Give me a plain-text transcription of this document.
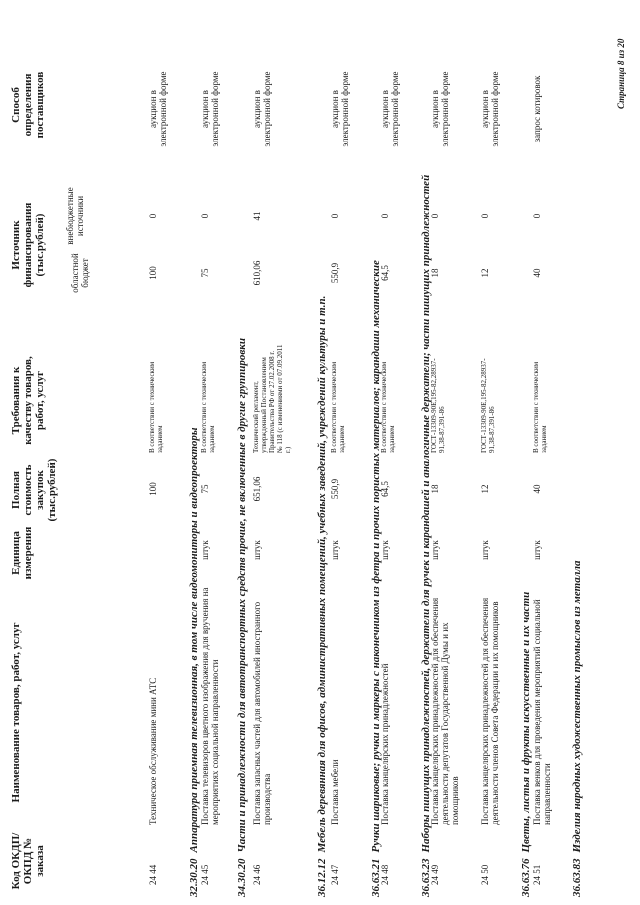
Код ОКДП/ ОКПД № заказа
Наименование товаров, работ, услуг
Единица измерения
Полная стоимость закупок (тыс.рублей)
Требования к качеству товаров, работ, услуг
Источник финансирования (тыс.рублей)	областной бюджет
внебюджетные источники
Способ определения поставщиков
24 44
Техническое обслуживание мини АТС
100
В соответствии с техническим заданием
100
0
аукцион в электронной форме
32.30.20Аппаратура приемная телевизионная, в том числе видеомониторы и видеопроекторы
24 45
Поставка телевизоров цветного изображения для вручения на мероприятиях социальной направленности
штук
75
В соответствии с техническим заданием
75
0
аукцион в электронной форме
34.30.20Части и принадлежности для автотранспортных средств прочие, не включенные в другие группировки
24 46
Поставка запасных частей для автомобилей иностранного производства
штук
651,06
Технический регламент, утвержденный Постановлением Правительства РФ от 27.02.2008 г. № 118 (с изменениями от 07.09.2011 г.)
610,06
41
аукцион в электронной форме
36.12.12Мебель деревянная для офисов, административных помещений, учебных заведений, учреждений культуры и т.п.
24 47
Поставка мебели
штук
550,9
В соответствии с техническим заданием
550,9
0
аукцион в электронной форме
36.63.21Ручки шариковые; ручки и маркеры с наконечником из фетра и прочих пористых материалов; карандаши механические
24 48
Поставка канцелярских принадлежностей
штук
64,5
В соответствии с техническим заданием
64,5
0
аукцион в электронной форме
36.63.23Наборы пишущих принадлежностей, держатели для ручек и карандашей и аналогичные держатели; части пишущих принадлежностей
24 49
Поставка канцелярских принадлежностей для обеспечения деятельности депутатов Государственной Думы и их помощников
штук
18
ГОСТ-13309-90Е,195-82,28937-91,38-87,391-86
18
0
аукцион в электронной форме
24 50
Поставка канцелярских принадлежностей для обеспечения деятельности членов Совета Федерации и их помощников
штук
12
ГОСТ-13309-90Е,195-82,28937-91,38-87,391-86
12
0
аукцион в электронной форме
36.63.76Цветы, листья и фрукты искусственные и их части
24 51
Поставка венков для проведения мероприятий социальной направленности
штук
40
В соответствии с техническим заданием
40
0
запрос котировок
36.63.83Изделия народных художественных промыслов из металла
Страница 8 из 20
